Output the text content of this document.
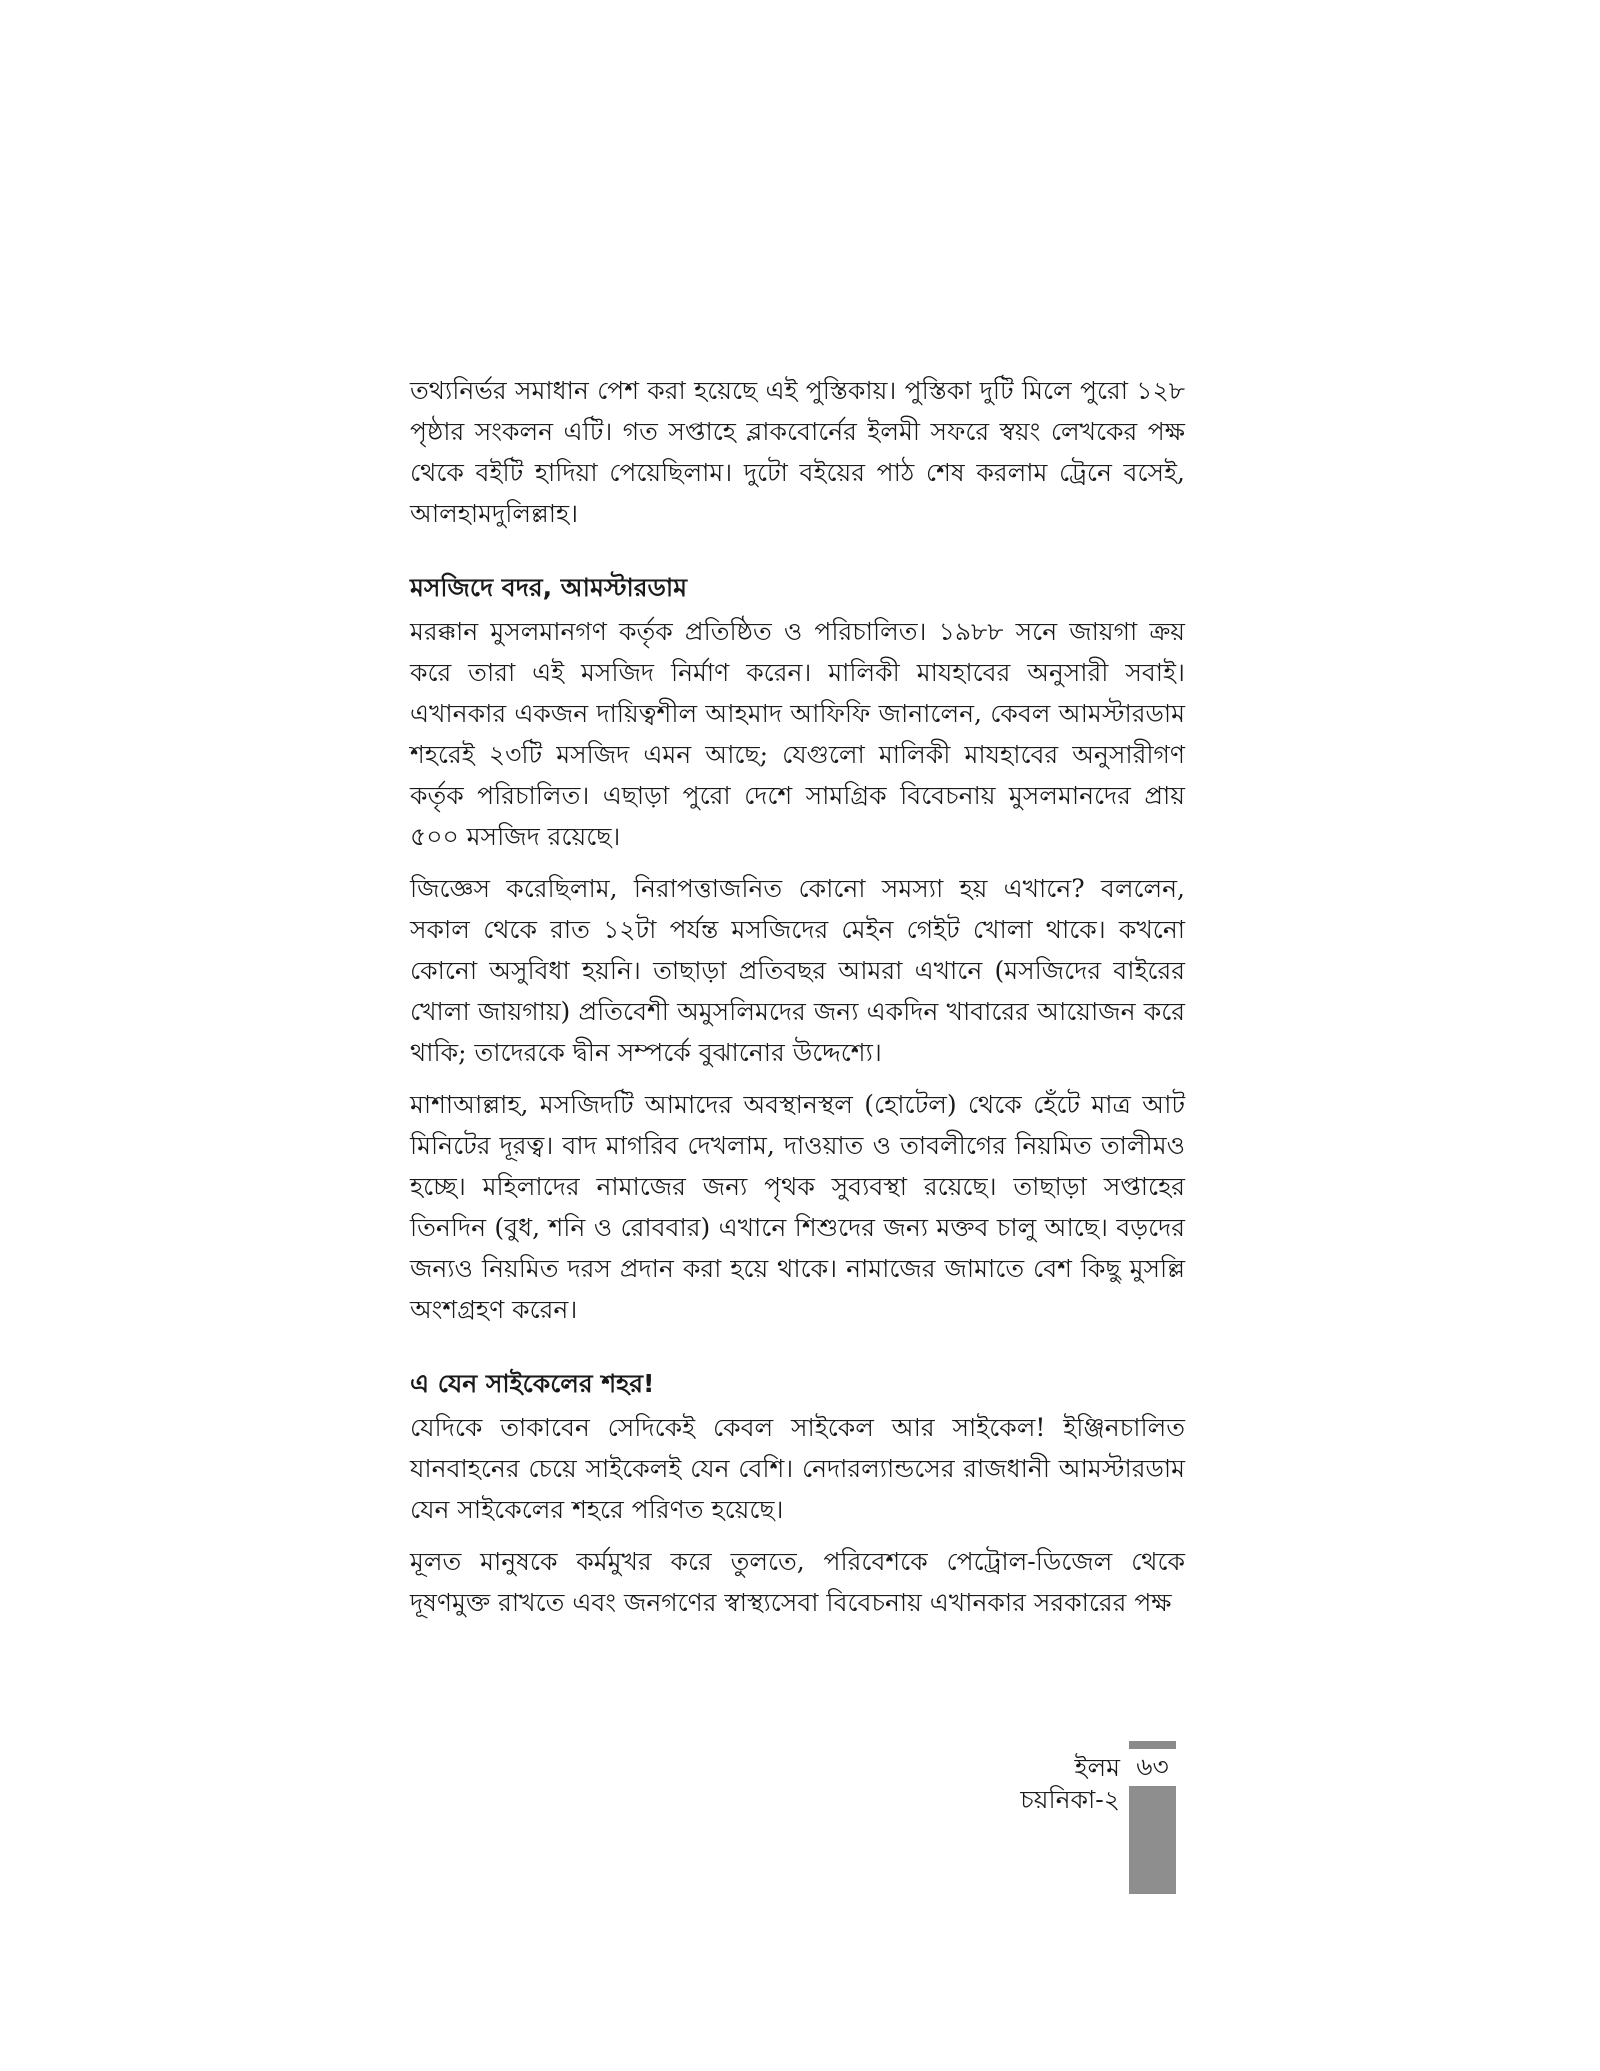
তথ্যনির্ভর সমাধান পেশ করা হয়েছে এই পুস্তিকায়। পুস্তিকা দুটি মিলে পুরো ১২৮ পৃষ্ঠার সংকলন এটি। গত সপ্তাহে ব্লাকবোর্নের ইলমী সফরে স্বয়ং লেখকের পক্ষ থেকে বইটি হাদিয়া পেয়েছিলাম। দুটো বইয়ের পাঠ শেষ করলাম ট্রেনে বসেই, আলহামদুলিল্লাহ।

মসজিদে বদর, আমস্টারডাম

মরক্কান মুসলমানগণ কর্তৃক প্রতিষ্ঠিত ও পরিচালিত। ১৯৮৮ সনে জায়গা ক্রয় করে তারা এই মসজিদ নির্মাণ করেন। মালিকী মাযহাবের অনুসারী সবাই। এখানকার একজন দায়িত্বশীল আহমাদ আফিফি জানালেন, কেবল আমস্টারডাম শহরেই ২৩টি মসজিদ এমন আছে; যেগুলো মালিকী মাযহাবের অনুসারীগণ কর্তৃক পরিচালিত। এছাড়া পুরো দেশে সামগ্রিক বিবেচনায় মুসলমানদের প্রায় ৫০০ মসজিদ রয়েছে।

জিজ্ঞেস করেছিলাম, নিরাপত্তাজনিত কোনো সমস্যা হয় এখানে? বললেন, সকাল থেকে রাত ১২টা পর্যন্ত মসজিদের মেইন গেইট খোলা থাকে। কখনো কোনো অসুবিধা হয়নি। তাছাড়া প্রতিবছর আমরা এখানে (মসজিদের বাইরের খোলা জায়গায়) প্রতিবেশী অমুসলিমদের জন্য একদিন খাবারের আয়োজন করে থাকি; তাদেরকে দ্বীন সম্পর্কে বুঝানোর উদ্দেশ্যে।

মাশাআল্লাহ, মসজিদটি আমাদের অবস্থানস্থল (হোটেল) থেকে হেঁটে মাত্র আট মিনিটের দূরত্ব। বাদ মাগরিব দেখলাম, দাওয়াত ও তাবলীগের নিয়মিত তালীমও হচ্ছে। মহিলাদের নামাজের জন্য পৃথক সুব্যবস্থা রয়েছে। তাছাড়া সপ্তাহের তিনদিন (বুধ, শনি ও রোববার) এখানে শিশুদের জন্য মক্তব চালু আছে। বড়দের জন্যও নিয়মিত দরস প্রদান করা হয়ে থাকে। নামাজের জামাতে বেশ কিছু মুসল্লি অংশগ্রহণ করেন।

এ যেন সাইকেলের শহর!

যেদিকে তাকাবেন সেদিকেই কেবল সাইকেল আর সাইকেল! ইঞ্জিনচালিত যানবাহনের চেয়ে সাইকেলই যেন বেশি। নেদারল্যান্ডসের রাজধানী আমস্টারডাম যেন সাইকেলের শহরে পরিণত হয়েছে।

মূলত মানুষকে কর্মমুখর করে তুলতে, পরিবেশকে পেট্রোল-ডিজেল থেকে দূষণমুক্ত রাখতে এবং জনগণের স্বাস্থ্যসেবা বিবেচনায় এখানকার সরকারের পক্ষ

ইলম চয়নিকা-২
৬৩
